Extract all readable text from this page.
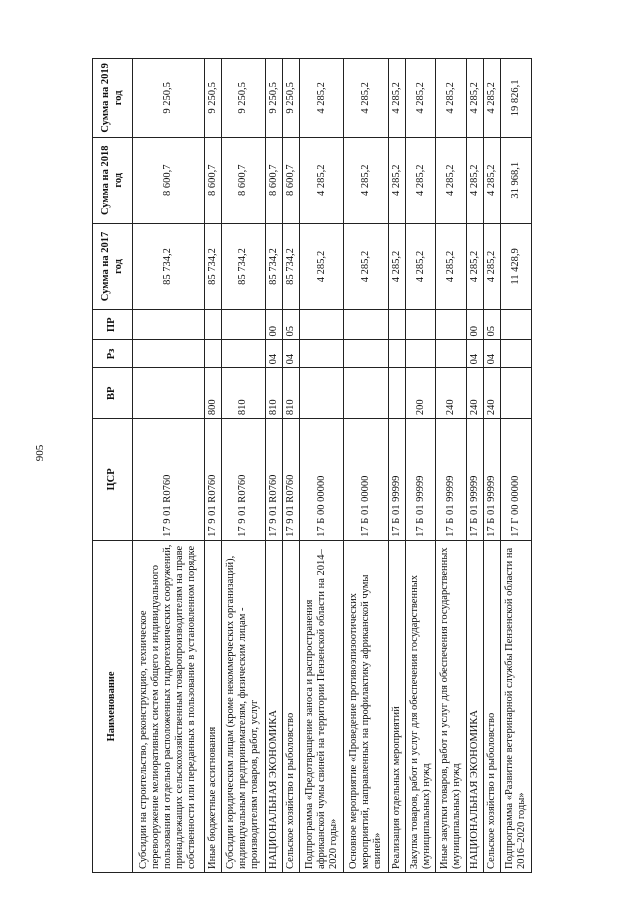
905
Наименование	ЦСР	ВР	Рз	ПР	Сумма на 2017 год	Сумма на 2018 год	Сумма на 2019 год
Субсидии на строительство, реконструкцию, техническое перевооружение мелиоративных систем общего и индивидуального пользования и отдельно расположенных гидротехнических сооружений, принадлежащих сельскохозяйственным товаропроизводителям на праве собственности или переданных в пользование в установленном порядке	17 9 01 R0760				85 734,2	8 600,7	9 250,5
Иные бюджетные ассигнования	17 9 01 R0760	800			85 734,2	8 600,7	9 250,5
Субсидии юридическим лицам (кроме некоммерческих организаций), индивидуальным предпринимателям, физическим лицам - производителям товаров, работ, услуг	17 9 01 R0760	810			85 734,2	8 600,7	9 250,5
НАЦИОНАЛЬНАЯ ЭКОНОМИКА	17 9 01 R0760	810	04	00	85 734,2	8 600,7	9 250,5
Сельское хозяйство и рыболовство	17 9 01 R0760	810	04	05	85 734,2	8 600,7	9 250,5
Подпрограмма «Предотвращение заноса и распространения африканской чумы свиней на территории Пензенской области на 2014–2020 годы»	17 Б 00 00000				4 285,2	4 285,2	4 285,2
Основное мероприятие «Проведение противоэпизоотических мероприятий, направленных на профилактику африканской чумы свиней»	17 Б 01 00000				4 285,2	4 285,2	4 285,2
Реализация отдельных мероприятий	17 Б 01 99999				4 285,2	4 285,2	4 285,2
Закупка товаров, работ и услуг для обеспечения государственных (муниципальных) нужд	17 Б 01 99999	200			4 285,2	4 285,2	4 285,2
Иные закупки товаров, работ и услуг для обеспечения государственных (муниципальных) нужд	17 Б 01 99999	240			4 285,2	4 285,2	4 285,2
НАЦИОНАЛЬНАЯ ЭКОНОМИКА	17 Б 01 99999	240	04	00	4 285,2	4 285,2	4 285,2
Сельское хозяйство и рыболовство	17 Б 01 99999	240	04	05	4 285,2	4 285,2	4 285,2
Подпрограмма «Развитие ветеринарной службы Пензенской области на 2016–2020 годы»	17 Г 00 00000				11 428,9	31 968,1	19 826,1
